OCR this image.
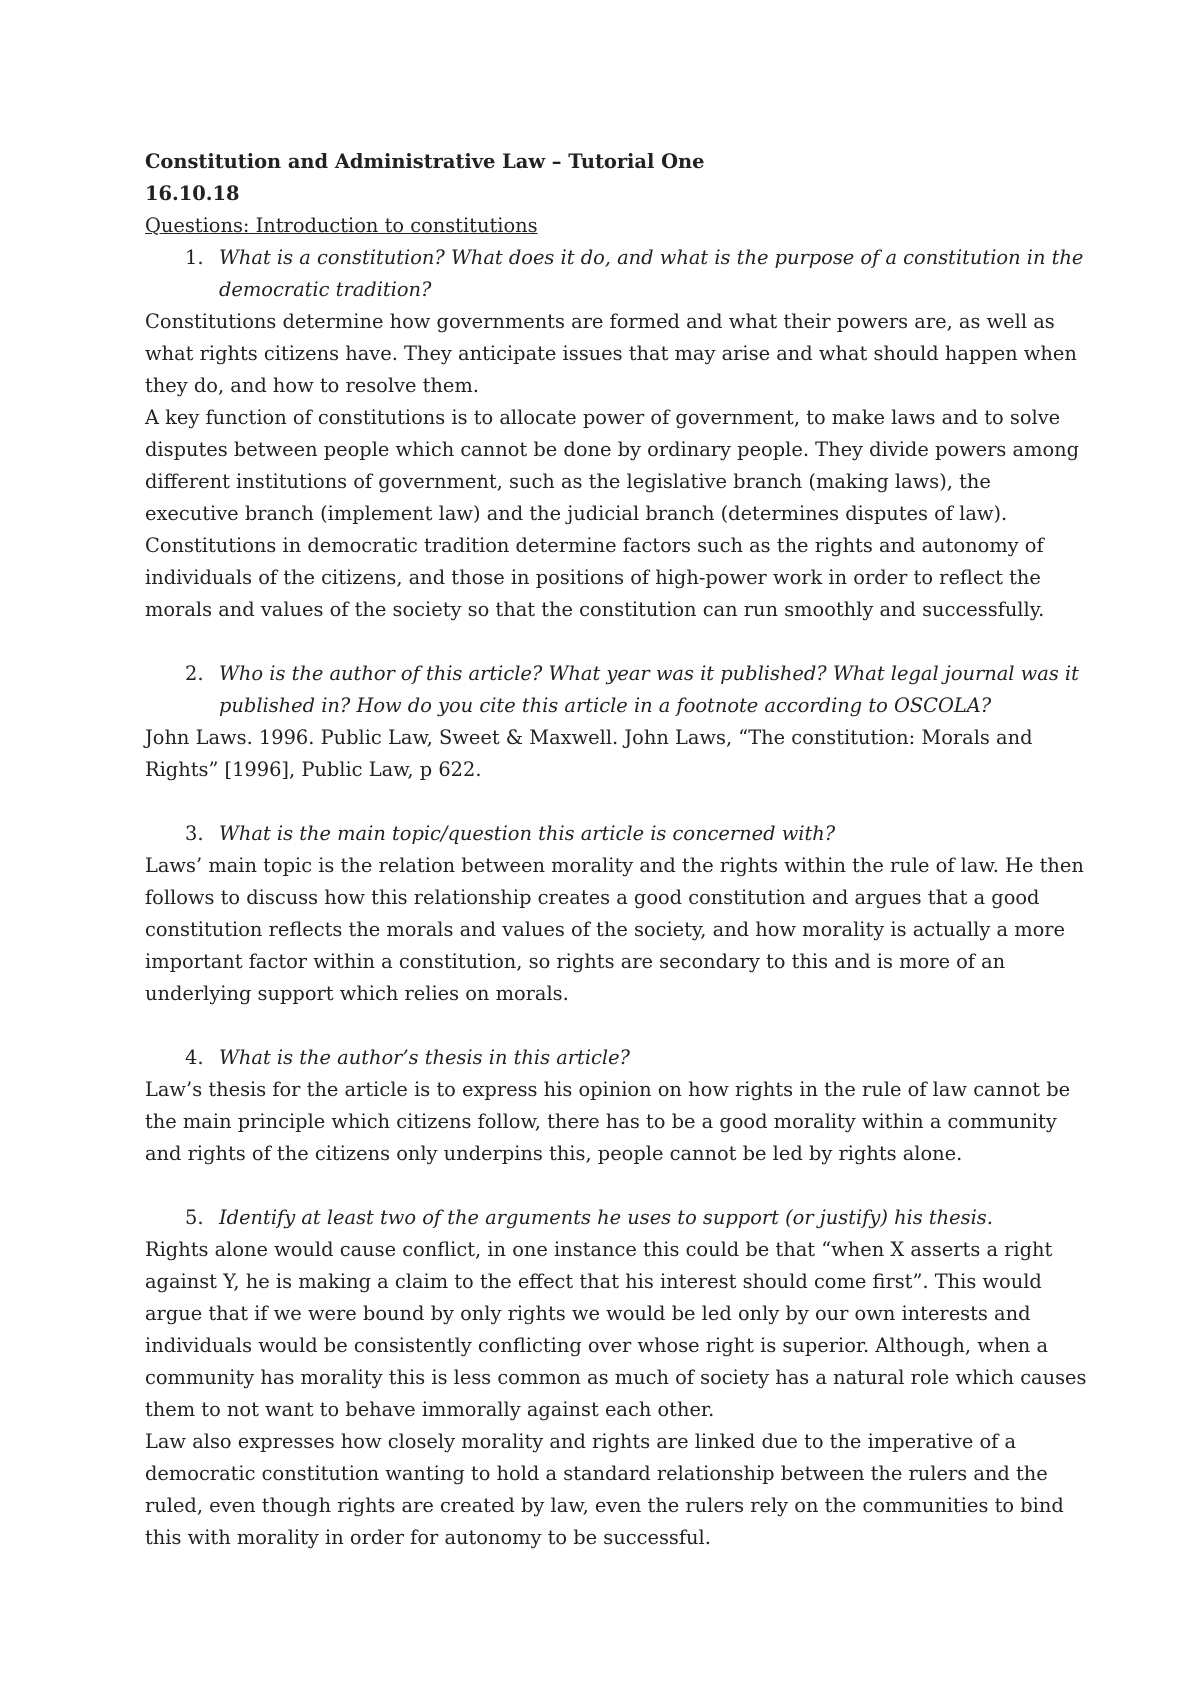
Constitution and Administrative Law – Tutorial One

16.10.18

Questions: Introduction to constitutions

1. What is a constitution? What does it do, and what is the purpose of a constitution in the democratic tradition?

Constitutions determine how governments are formed and what their powers are, as well as what rights citizens have. They anticipate issues that may arise and what should happen when they do, and how to resolve them.

A key function of constitutions is to allocate power of government, to make laws and to solve disputes between people which cannot be done by ordinary people. They divide powers among different institutions of government, such as the legislative branch (making laws), the executive branch (implement law) and the judicial branch (determines disputes of law). Constitutions in democratic tradition determine factors such as the rights and autonomy of individuals of the citizens, and those in positions of high-power work in order to reflect the morals and values of the society so that the constitution can run smoothly and successfully.

2. Who is the author of this article? What year was it published? What legal journal was it published in? How do you cite this article in a footnote according to OSCOLA?

John Laws. 1996. Public Law, Sweet & Maxwell. John Laws, “The constitution: Morals and Rights” [1996], Public Law, p 622.

3. What is the main topic/question this article is concerned with?

Laws’ main topic is the relation between morality and the rights within the rule of law. He then follows to discuss how this relationship creates a good constitution and argues that a good constitution reflects the morals and values of the society, and how morality is actually a more important factor within a constitution, so rights are secondary to this and is more of an underlying support which relies on morals.

4. What is the author’s thesis in this article?

Law’s thesis for the article is to express his opinion on how rights in the rule of law cannot be the main principle which citizens follow, there has to be a good morality within a community and rights of the citizens only underpins this, people cannot be led by rights alone.

5. Identify at least two of the arguments he uses to support (or justify) his thesis.

Rights alone would cause conflict, in one instance this could be that “when X asserts a right against Y, he is making a claim to the effect that his interest should come first”. This would argue that if we were bound by only rights we would be led only by our own interests and individuals would be consistently conflicting over whose right is superior. Although, when a community has morality this is less common as much of society has a natural role which causes them to not want to behave immorally against each other.

Law also expresses how closely morality and rights are linked due to the imperative of a democratic constitution wanting to hold a standard relationship between the rulers and the ruled, even though rights are created by law, even the rulers rely on the communities to bind this with morality in order for autonomy to be successful.
